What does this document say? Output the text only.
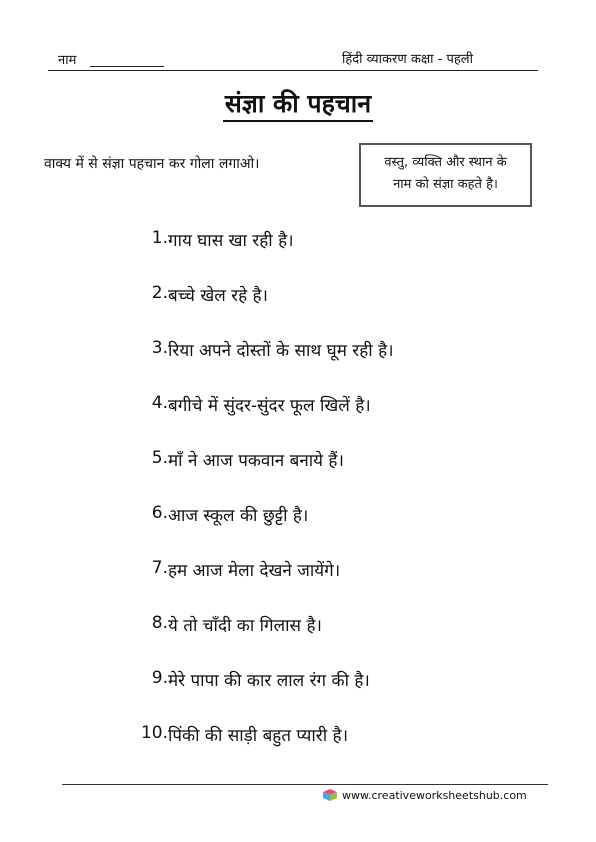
नाम	हिंदी व्याकरण कक्षा - पहली
संज्ञा की पहचान
वाक्य में से संज्ञा पहचान कर गोला लगाओ।	वस्तु, व्यक्ति और स्थान के
नाम को संज्ञा कहते है।
1. गाय घास खा रही है।
2. बच्चे खेल रहे है।
3. रिया अपने दोस्तों के साथ घूम रही है।
4. बगीचे में सुंदर-सुंदर फूल खिलें है।
5. माँ ने आज पकवान बनाये हैं।
6. आज स्कूल की छुट्टी है।
7. हम आज मेला देखने जायेंगे।
8. ये तो चाँदी का गिलास है।
9. मेरे पापा की कार लाल रंग की है।
10. पिंकी की साड़ी बहुत प्यारी है।
www.creativeworksheetshub.com
